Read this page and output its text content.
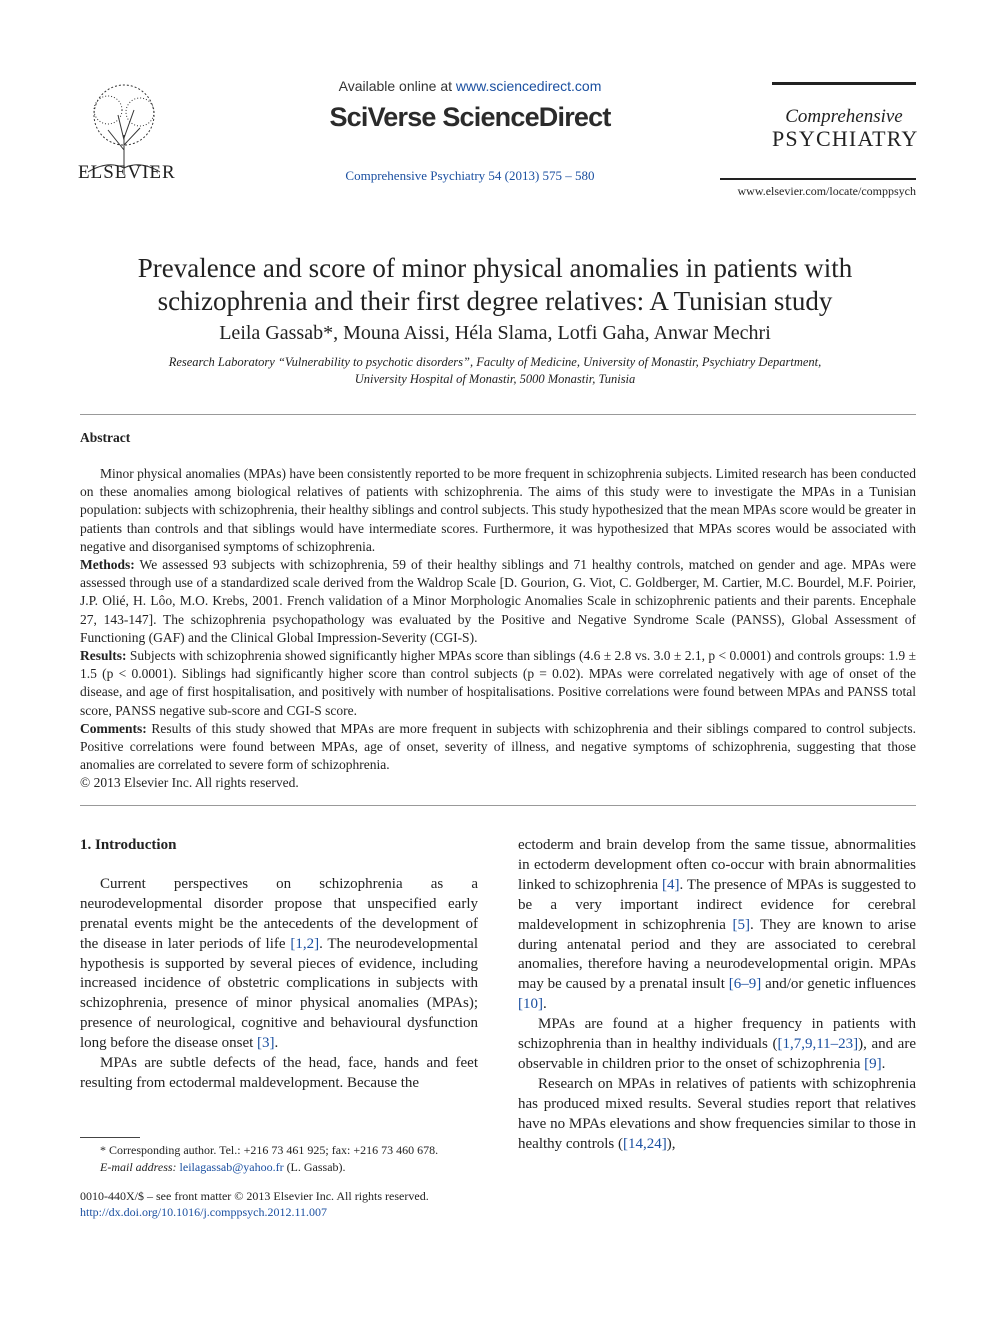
ELSEVIER
Available online at www.sciencedirect.com
SciVerse ScienceDirect
Comprehensive Psychiatry 54 (2013) 575 – 580
Comprehensive
PSYCHIATRY
www.elsevier.com/locate/comppsych
Prevalence and score of minor physical anomalies in patients with schizophrenia and their first degree relatives: A Tunisian study
Leila Gassab*, Mouna Aissi, Héla Slama, Lotfi Gaha, Anwar Mechri
Research Laboratory “Vulnerability to psychotic disorders”, Faculty of Medicine, University of Monastir, Psychiatry Department,
University Hospital of Monastir, 5000 Monastir, Tunisia
Abstract

Minor physical anomalies (MPAs) have been consistently reported to be more frequent in schizophrenia subjects. Limited research has been conducted on these anomalies among biological relatives of patients with schizophrenia. The aims of this study were to investigate the MPAs in a Tunisian population: subjects with schizophrenia, their healthy siblings and control subjects. This study hypothesized that the mean MPAs score would be greater in patients than controls and that siblings would have intermediate scores. Furthermore, it was hypothesized that MPAs scores would be associated with negative and disorganised symptoms of schizophrenia.

Methods: We assessed 93 subjects with schizophrenia, 59 of their healthy siblings and 71 healthy controls, matched on gender and age. MPAs were assessed through use of a standardized scale derived from the Waldrop Scale [D. Gourion, G. Viot, C. Goldberger, M. Cartier, M.C. Bourdel, M.F. Poirier, J.P. Olié, H. Lôo, M.O. Krebs, 2001. French validation of a Minor Morphologic Anomalies Scale in schizophrenic patients and their parents. Encephale 27, 143-147]. The schizophrenia psychopathology was evaluated by the Positive and Negative Syndrome Scale (PANSS), Global Assessment of Functioning (GAF) and the Clinical Global Impression-Severity (CGI-S).

Results: Subjects with schizophrenia showed significantly higher MPAs score than siblings (4.6 ± 2.8 vs. 3.0 ± 2.1, p < 0.0001) and controls groups: 1.9 ± 1.5 (p < 0.0001). Siblings had significantly higher score than control subjects (p = 0.02). MPAs were correlated negatively with age of onset of the disease, and age of first hospitalisation, and positively with number of hospitalisations. Positive correlations were found between MPAs and PANSS total score, PANSS negative sub-score and CGI-S score.

Comments: Results of this study showed that MPAs are more frequent in subjects with schizophrenia and their siblings compared to control subjects. Positive correlations were found between MPAs, age of onset, severity of illness, and negative symptoms of schizophrenia, suggesting that those anomalies are correlated to severe form of schizophrenia.

© 2013 Elsevier Inc. All rights reserved.

1. Introduction

Current perspectives on schizophrenia as a neurodevelopmental disorder propose that unspecified early prenatal events might be the antecedents of the development of the disease in later periods of life [1,2]. The neurodevelopmental hypothesis is supported by several pieces of evidence, including increased incidence of obstetric complications in subjects with schizophrenia, presence of minor physical anomalies (MPAs); presence of neurological, cognitive and behavioural dysfunction long before the disease onset [3].

MPAs are subtle defects of the head, face, hands and feet resulting from ectodermal maldevelopment. Because the

* Corresponding author. Tel.: +216 73 461 925; fax: +216 73 460 678.
E-mail address: leilagassab@yahoo.fr (L. Gassab).
0010-440X/$ – see front matter © 2013 Elsevier Inc. All rights reserved.
http://dx.doi.org/10.1016/j.comppsych.2012.11.007

ectoderm and brain develop from the same tissue, abnormalities in ectoderm development often co-occur with brain abnormalities linked to schizophrenia [4]. The presence of MPAs is suggested to be a very important indirect evidence for cerebral maldevelopment in schizophrenia [5]. They are known to arise during antenatal period and they are associated to cerebral anomalies, therefore having a neurodevelopmental origin. MPAs may be caused by a prenatal insult [6–9] and/or genetic influences [10].

MPAs are found at a higher frequency in patients with schizophrenia than in healthy individuals ([1,7,9,11–23]), and are observable in children prior to the onset of schizophrenia [9].

Research on MPAs in relatives of patients with schizophrenia has produced mixed results. Several studies report that relatives have no MPAs elevations and show frequencies similar to those in healthy controls ([14,24]),
